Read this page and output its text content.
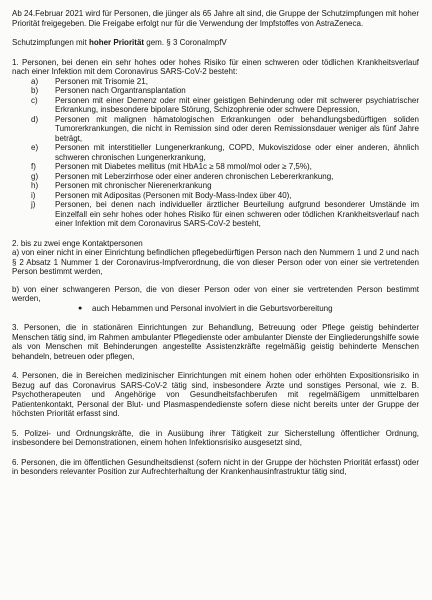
Ab 24.Februar 2021 wird für Personen, die jünger als 65 Jahre alt sind, die Gruppe der Schutzimpfungen mit hoher Priorität freigegeben. Die Freigabe erfolgt nur für die Verwendung der Impfstoffes von AstraZeneca.

Schutzimpfungen mit hoher Priorität gem. § 3 CoronaImpfV

1. Personen, bei denen ein sehr hohes oder hohes Risiko für einen schweren oder tödlichen Krankheitsverlauf nach einer Infektion mit dem Coronavirus SARS-CoV-2 besteht:

a) Personen mit Trisomie 21,
b) Personen nach Organtransplantation
c) Personen mit einer Demenz oder mit einer geistigen Behinderung oder mit schwerer psychiatrischer Erkrankung, insbesondere bipolare Störung, Schizophrenie oder schwere Depression,
d) Personen mit malignen hämatologischen Erkrankungen oder behandlungsbedürftigen soliden Tumorerkrankungen, die nicht in Remission sind oder deren Remissionsdauer weniger als fünf Jahre beträgt,
e) Personen mit interstitieller Lungenerkrankung, COPD, Mukoviszidose oder einer anderen, ähnlich schweren chronischen Lungenerkrankung,
f) Personen mit Diabetes mellitus (mit HbA1c ≥ 58 mmol/mol oder ≥ 7,5%),
g) Personen mit Leberzirrhose oder einer anderen chronischen Lebererkrankung,
h) Personen mit chronischer Nierenerkrankung
i) Personen mit Adipositas (Personen mit Body-Mass-Index über 40),
j) Personen, bei denen nach individueller ärztlicher Beurteilung aufgrund besonderer Umstände im Einzelfall ein sehr hohes oder hohes Risiko für einen schweren oder tödlichen Krankheitsverlauf nach einer Infektion mit dem Coronavirus SARS-CoV-2 besteht,

2. bis zu zwei enge Kontaktpersonen

a) von einer nicht in einer Einrichtung befindlichen pflegebedürftigen Person nach den Nummern 1 und 2 und nach § 2 Absatz 1 Nummer 1 der Coronavirus-Impfverordnung, die von dieser Person oder von einer sie vertretenden Person bestimmt werden,

b) von einer schwangeren Person, die von dieser Person oder von einer sie vertretenden Person bestimmt werden,

● auch Hebammen und Personal involviert in die Geburtsvorbereitung

3. Personen, die in stationären Einrichtungen zur Behandlung, Betreuung oder Pflege geistig behinderter Menschen tätig sind, im Rahmen ambulanter Pflegedienste oder ambulanter Dienste der Eingliederungshilfe sowie als von Menschen mit Behinderungen angestellte Assistenzkräfte regelmäßig geistig behinderte Menschen behandeln, betreuen oder pflegen,

4. Personen, die in Bereichen medizinischer Einrichtungen mit einem hohen oder erhöhten Expositionsrisiko in Bezug auf das Coronavirus SARS-CoV-2 tätig sind, insbesondere Ärzte und sonstiges Personal, wie z. B. Psychotherapeuten und Angehörige von Gesundheitsfachberufen mit regelmäßigem unmittelbaren Patientenkontakt, Personal der Blut- und Plasmaspendedienste sofern diese nicht bereits unter der Gruppe der höchsten Priorität erfasst sind.

5. Polizei- und Ordnungskräfte, die in Ausübung ihrer Tätigkeit zur Sicherstellung öffentlicher Ordnung, insbesondere bei Demonstrationen, einem hohen Infektionsrisiko ausgesetzt sind,

6. Personen, die im öffentlichen Gesundheitsdienst (sofern nicht in der Gruppe der höchsten Priorität erfasst) oder in besonders relevanter Position zur Aufrechterhaltung der Krankenhausinfrastruktur tätig sind,
